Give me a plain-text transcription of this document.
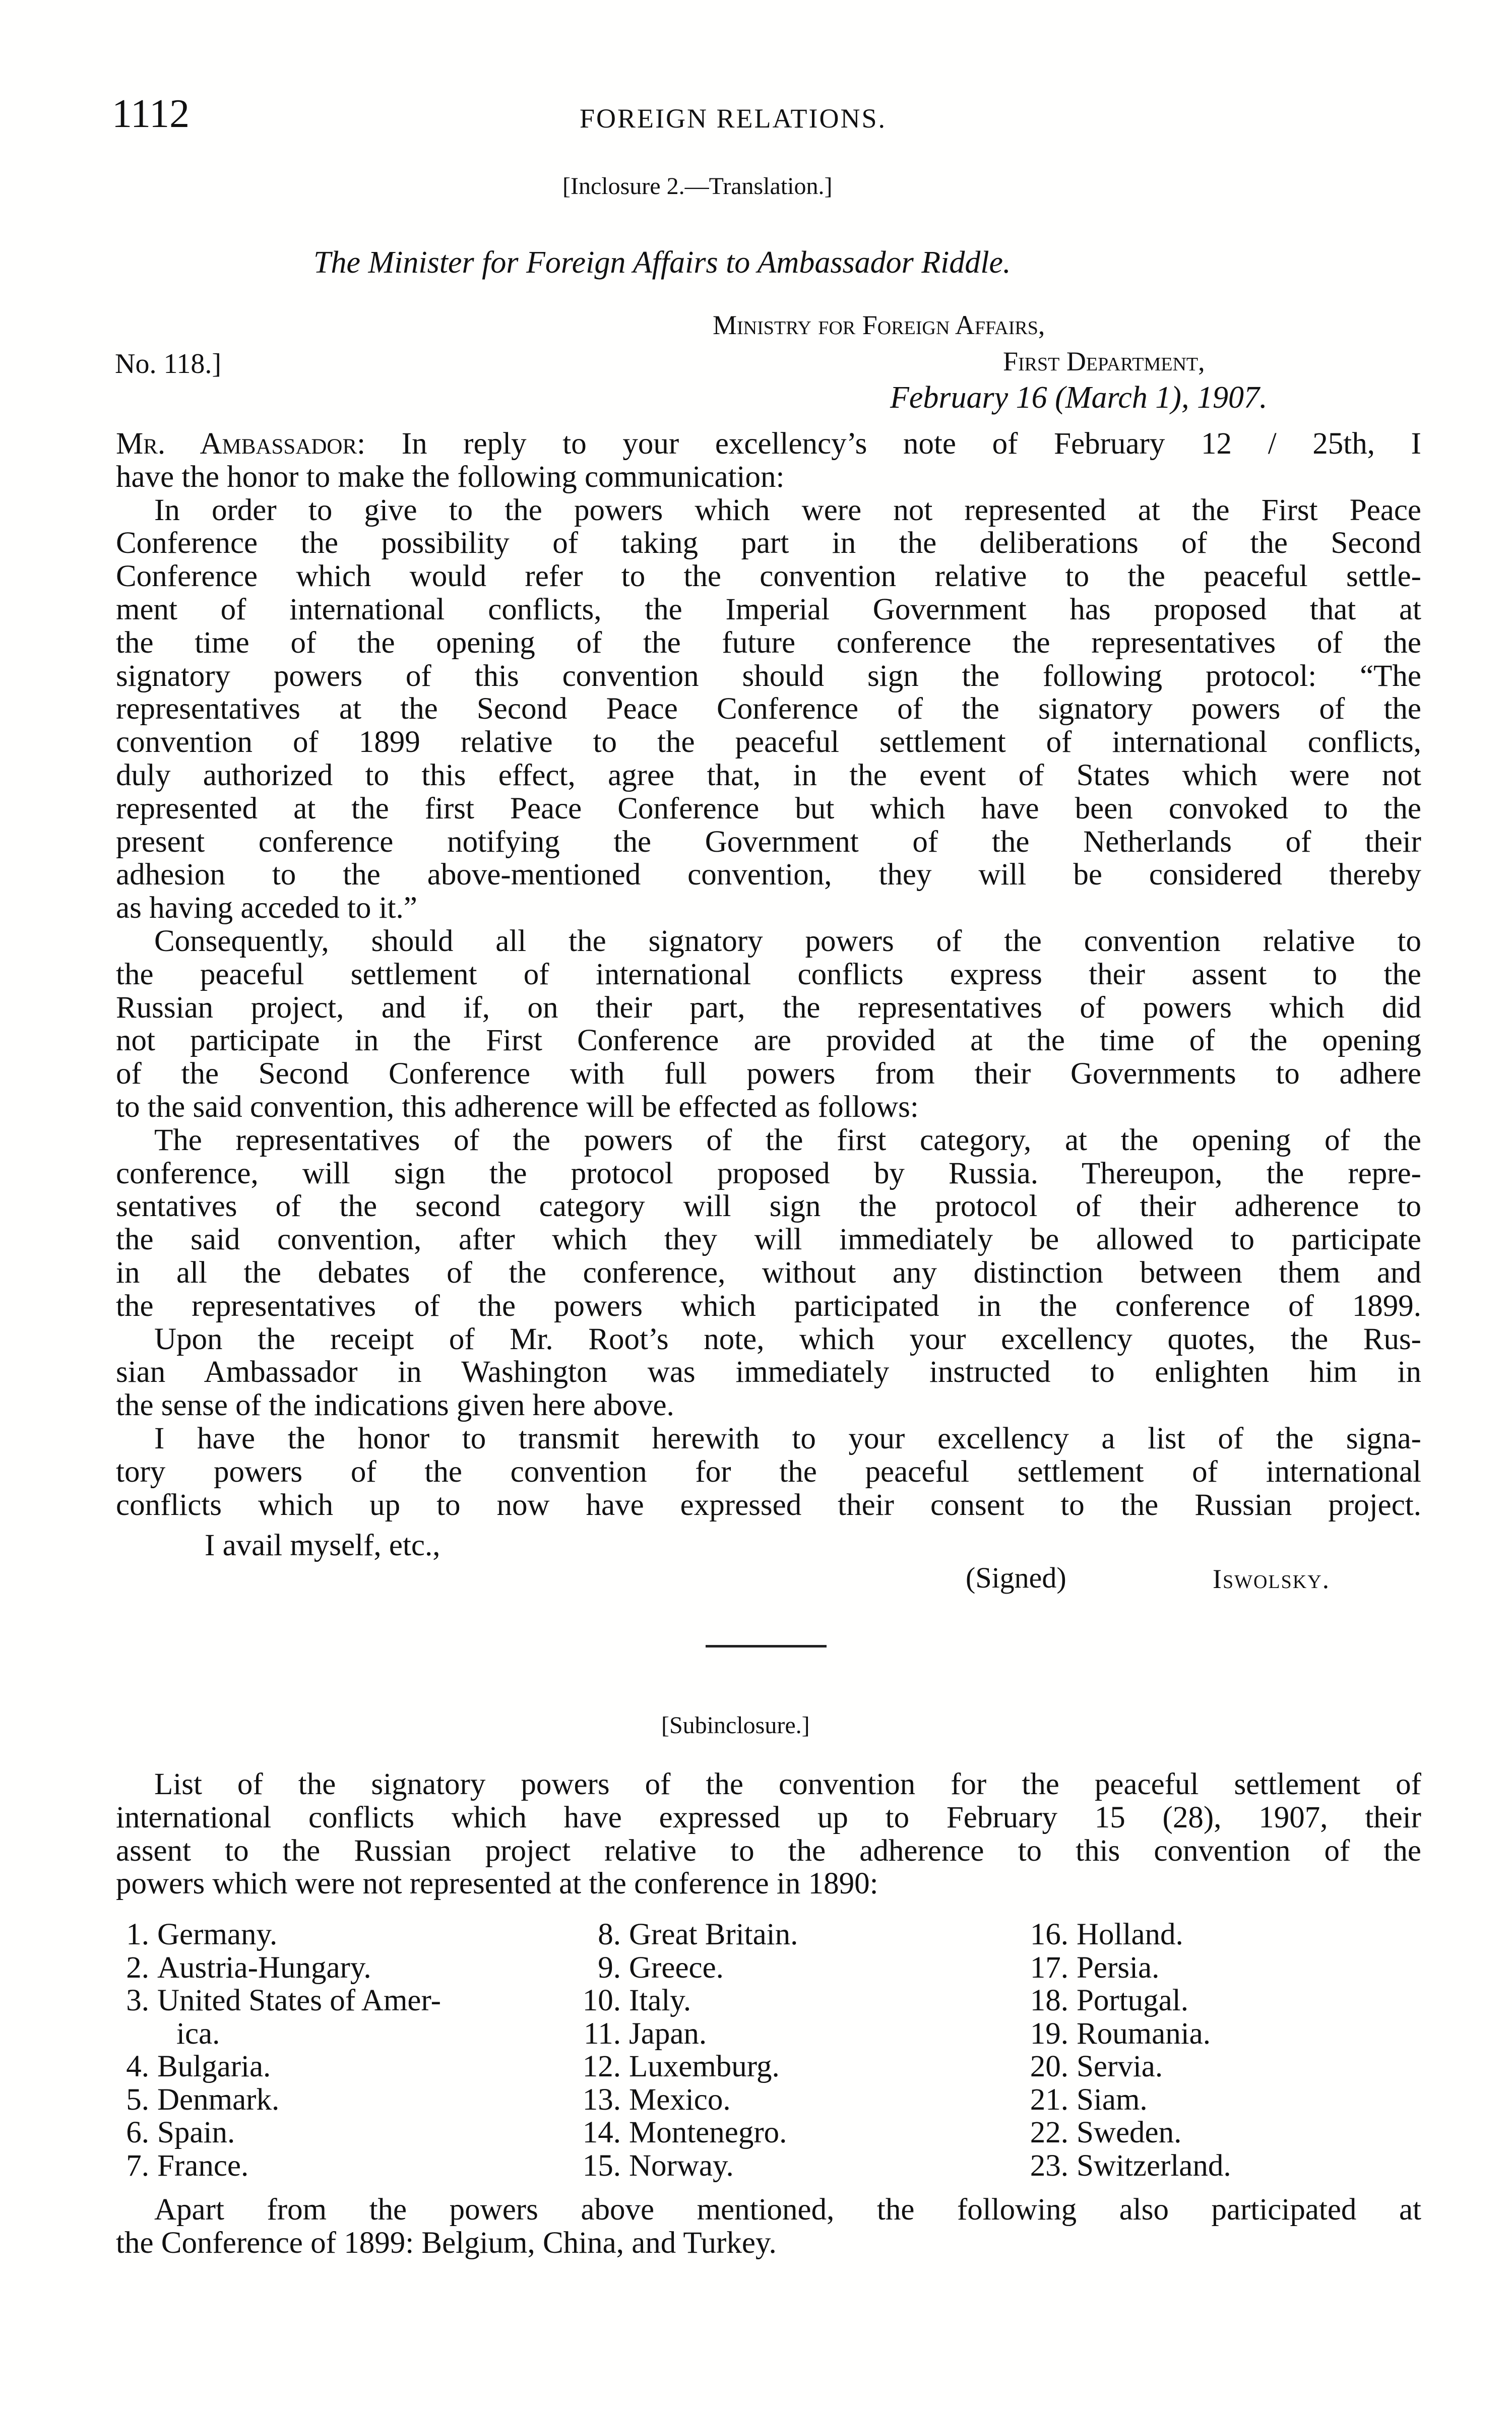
1112	FOREIGN RELATIONS.
[Inclosure 2.—Translation.]
The Minister for Foreign Affairs to Ambassador Riddle.
Ministry for Foreign Affairs,
No. 118.]	First Department,
February 16 (March 1), 1907.
Mr. Ambassador: In reply to your excellency’s note of February 12 / 25th, I
have the honor to make the following communication:
In order to give to the powers which were not represented at the First Peace
Conference the possibility of taking part in the deliberations of the Second
Conference which would refer to the convention relative to the peaceful settle-
ment of international conflicts, the Imperial Government has proposed that at
the time of the opening of the future conference the representatives of the
signatory powers of this convention should sign the following protocol: “The
representatives at the Second Peace Conference of the signatory powers of the
convention of 1899 relative to the peaceful settlement of international conflicts,
duly authorized to this effect, agree that, in the event of States which were not
represented at the first Peace Conference but which have been convoked to the
present conference notifying the Government of the Netherlands of their
adhesion to the above-mentioned convention, they will be considered thereby
as having acceded to it.”
Consequently, should all the signatory powers of the convention relative to
the peaceful settlement of international conflicts express their assent to the
Russian project, and if, on their part, the representatives of powers which did
not participate in the First Conference are provided at the time of the opening
of the Second Conference with full powers from their Governments to adhere
to the said convention, this adherence will be effected as follows:
The representatives of the powers of the first category, at the opening of the
conference, will sign the protocol proposed by Russia. Thereupon, the repre-
sentatives of the second category will sign the protocol of their adherence to
the said convention, after which they will immediately be allowed to participate
in all the debates of the conference, without any distinction between them and
the representatives of the powers which participated in the conference of 1899.
Upon the receipt of Mr. Root’s note, which your excellency quotes, the Rus-
sian Ambassador in Washington was immediately instructed to enlighten him in
the sense of the indications given here above.
I have the honor to transmit herewith to your excellency a list of the signa-
tory powers of the convention for the peaceful settlement of international
conflicts which up to now have expressed their consent to the Russian project.
I avail myself, etc.,
(Signed)	Iswolsky.
[Subinclosure.]
List of the signatory powers of the convention for the peaceful settlement of
international conflicts which have expressed up to February 15 (28), 1907, their
assent to the Russian project relative to the adherence to this convention of the
powers which were not represented at the conference in 1890:
1. Germany.
2. Austria-Hungary.
3. United States of Amer-
ica.
4. Bulgaria.
5. Denmark.
6. Spain.
7. France.
8. Great Britain.
9. Greece.
10. Italy.
11. Japan.
12. Luxemburg.
13. Mexico.
14. Montenegro.
15. Norway.
16. Holland.
17. Persia.
18. Portugal.
19. Roumania.
20. Servia.
21. Siam.
22. Sweden.
23. Switzerland.
Apart from the powers above mentioned, the following also participated at
the Conference of 1899: Belgium, China, and Turkey.
